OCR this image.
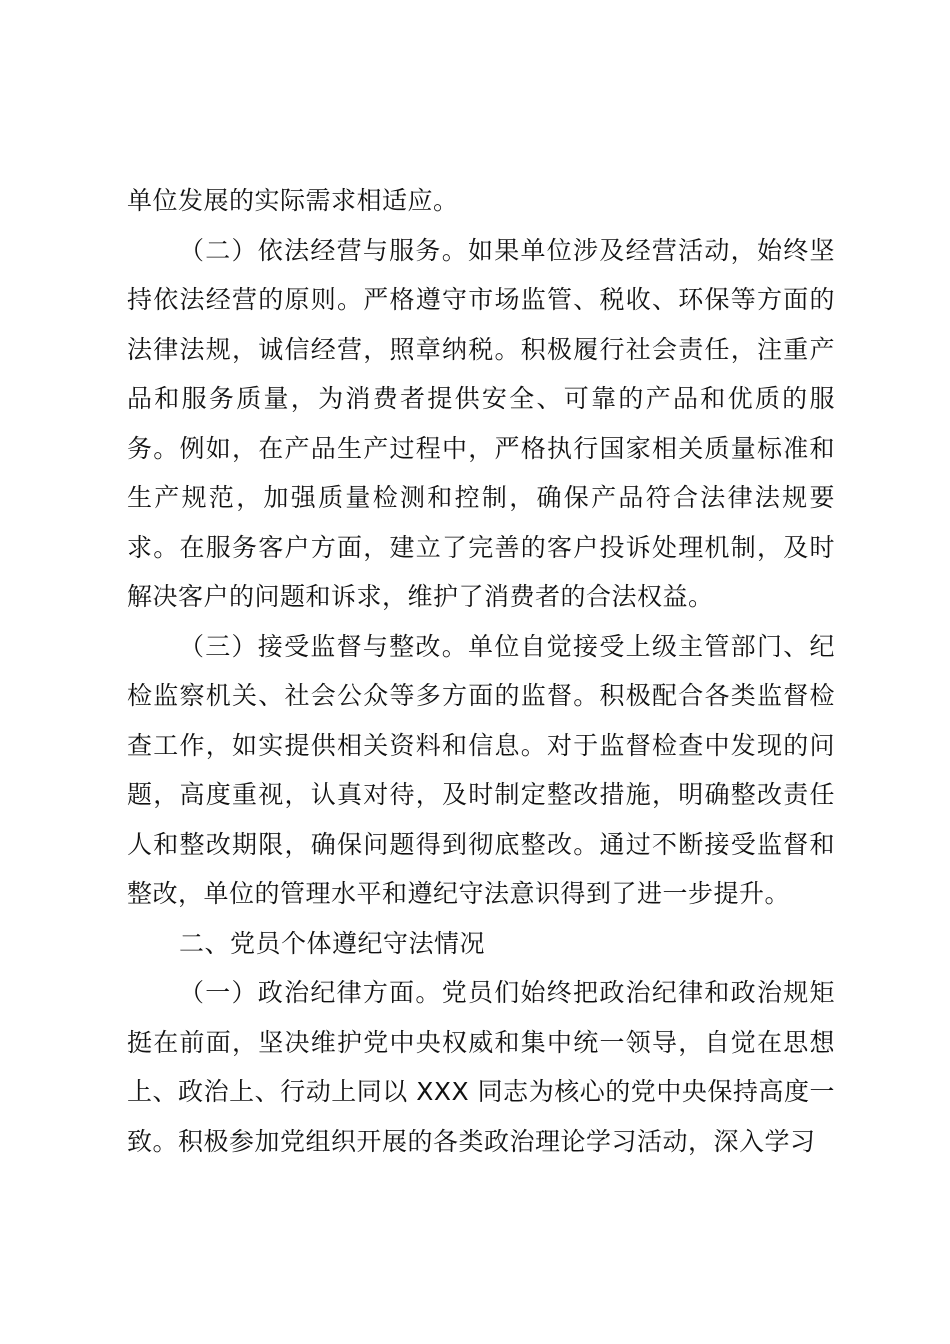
单位发展的实际需求相适应。

（二）依法经营与服务。如果单位涉及经营活动，始终坚持依法经营的原则。严格遵守市场监管、税收、环保等方面的法律法规，诚信经营，照章纳税。积极履行社会责任，注重产品和服务质量，为消费者提供安全、可靠的产品和优质的服务。例如，在产品生产过程中，严格执行国家相关质量标准和生产规范，加强质量检测和控制，确保产品符合法律法规要求。在服务客户方面，建立了完善的客户投诉处理机制，及时解决客户的问题和诉求，维护了消费者的合法权益。

（三）接受监督与整改。单位自觉接受上级主管部门、纪检监察机关、社会公众等多方面的监督。积极配合各类监督检查工作，如实提供相关资料和信息。对于监督检查中发现的问题，高度重视，认真对待，及时制定整改措施，明确整改责任人和整改期限，确保问题得到彻底整改。通过不断接受监督和整改，单位的管理水平和遵纪守法意识得到了进一步提升。

二、党员个体遵纪守法情况

（一）政治纪律方面。党员们始终把政治纪律和政治规矩挺在前面，坚决维护党中央权威和集中统一领导，自觉在思想上、政治上、行动上同以 XXX 同志为核心的党中央保持高度一致。积极参加党组织开展的各类政治理论学习活动，深入学习
